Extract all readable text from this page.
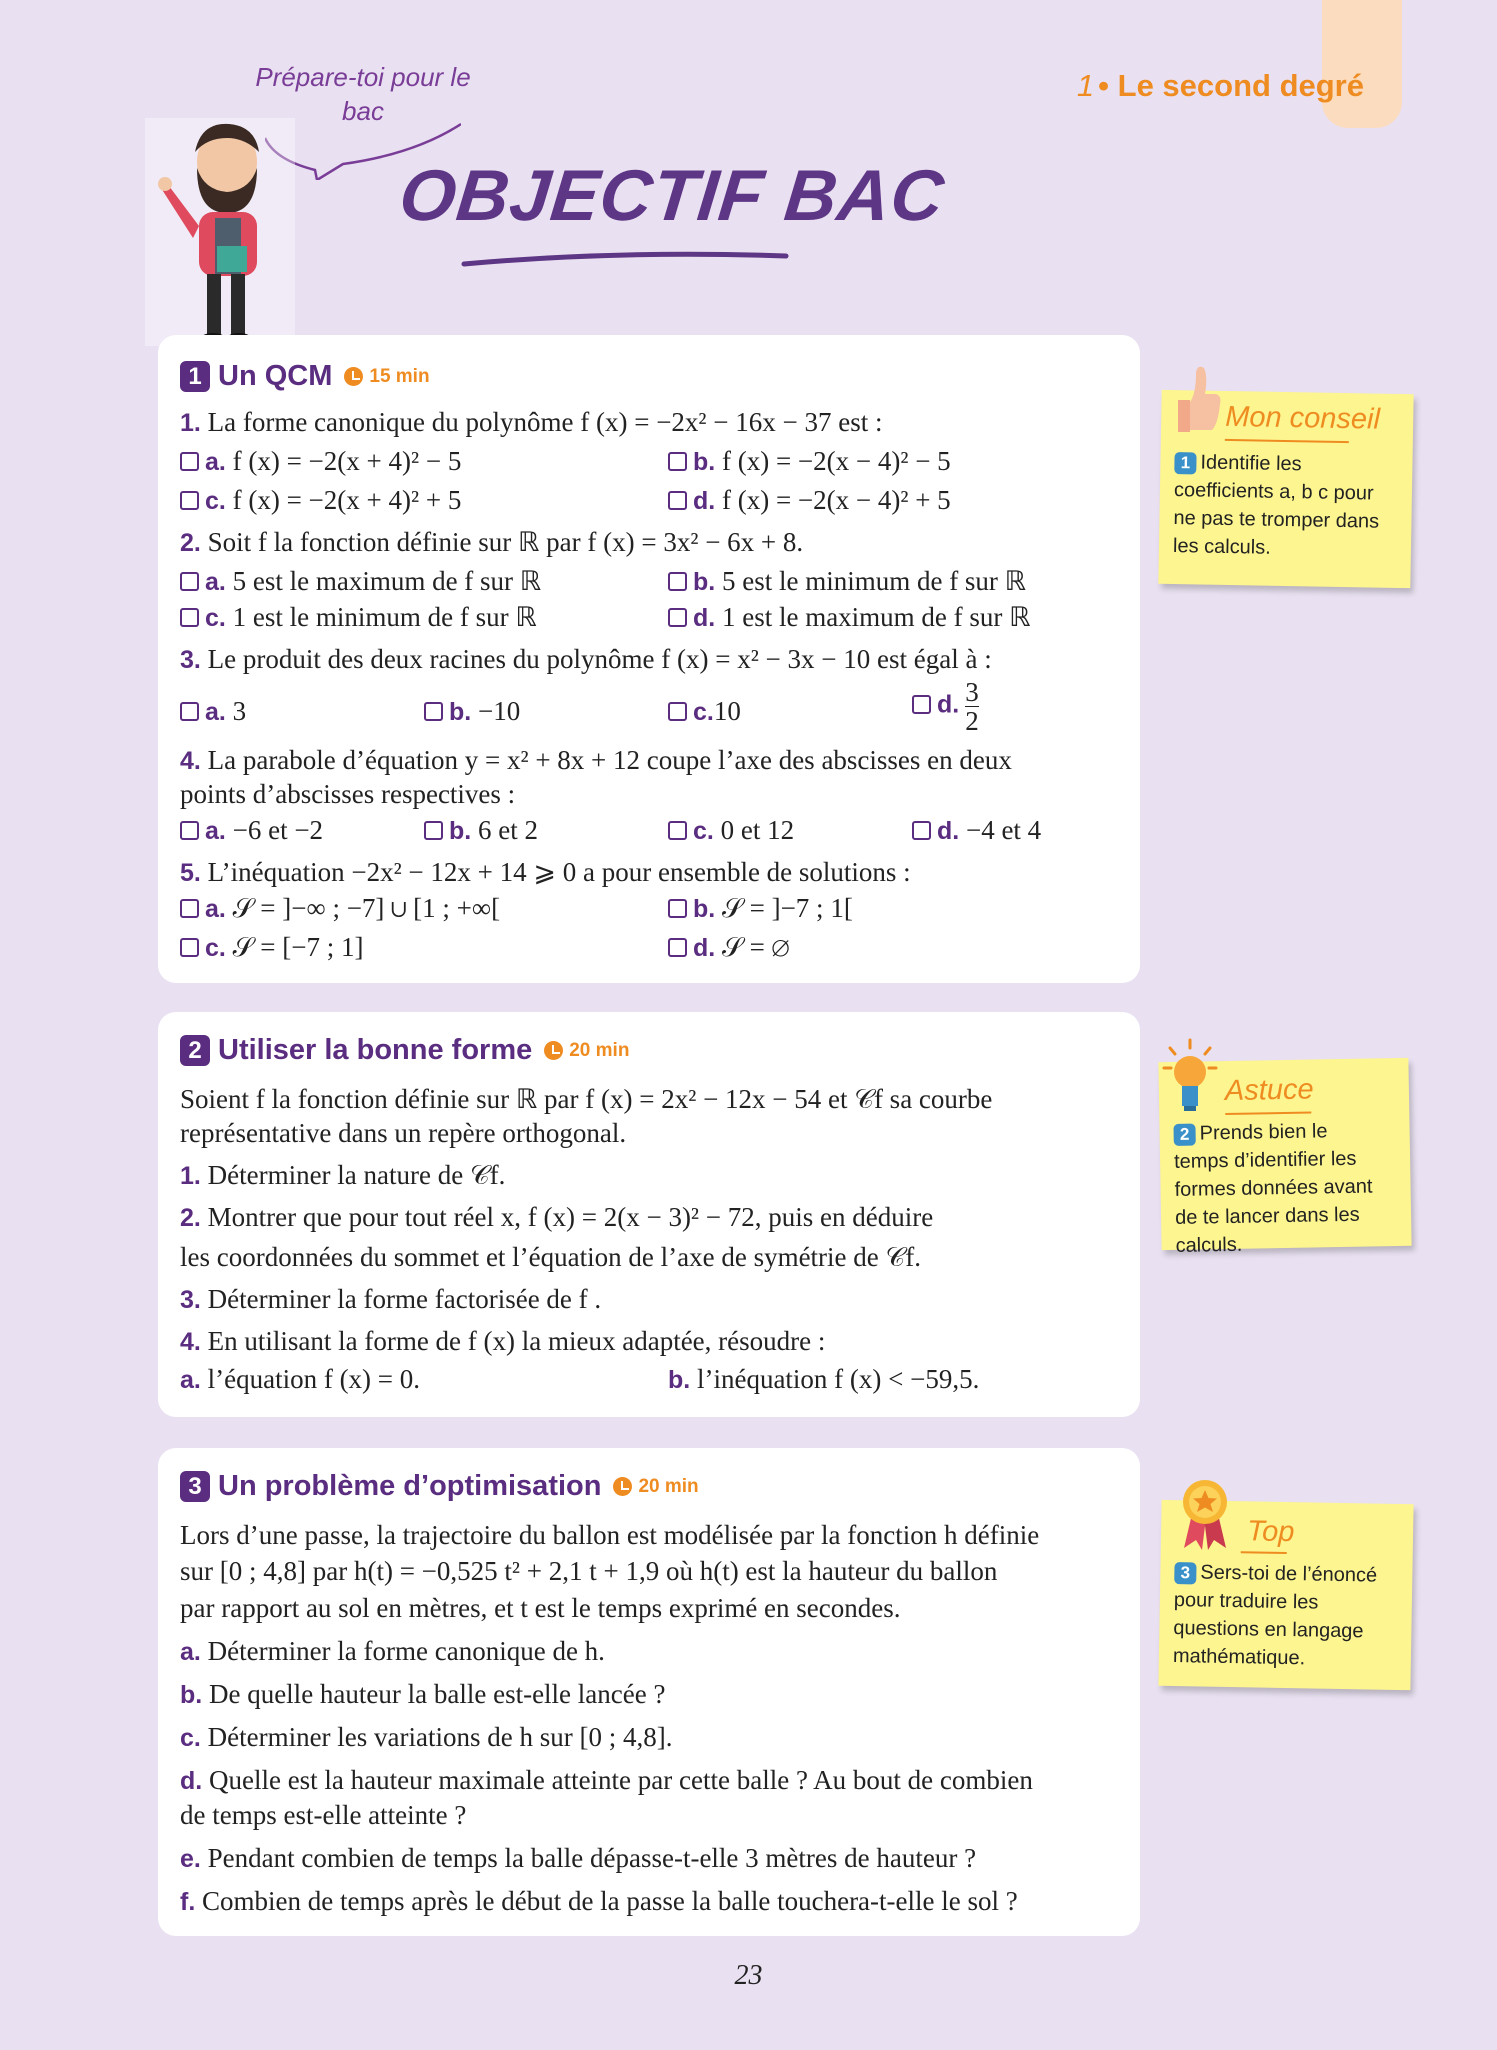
1 • Le second degré
Prépare-toi pour le bac
OBJECTIF BAC
1 Un QCM 15 min
1. La forme canonique du polynôme f (x) = −2x² − 16x − 37 est :
a. f (x) = −2(x + 4)² − 5	b. f (x) = −2(x − 4)² − 5
c. f (x) = −2(x + 4)² + 5	d. f (x) = −2(x − 4)² + 5
2. Soit f la fonction définie sur ℝ par f (x) = 3x² − 6x + 8.
a. 5 est le maximum de f sur ℝ	b. 5 est le minimum de f sur ℝ
c. 1 est le minimum de f sur ℝ	d. 1 est le maximum de f sur ℝ
3. Le produit des deux racines du polynôme f (x) = x² − 3x − 10 est égal à :
a. 3	b. −10	c.10	d. $\frac{3}{2}$
4. La parabole d’équation y = x² + 8x + 12 coupe l’axe des abscisses en deux
points d’abscisses respectives :
a. −6 et −2	b. 6 et 2	c. 0 et 12	d. −4 et 4
5. L’inéquation −2x² − 12x + 14 ⩾ 0 a pour ensemble de solutions :
a. 𝒮 = ]−∞ ; −7] ∪ [1 ; +∞[	b. 𝒮 = ]−7 ; 1[
c. 𝒮 = [−7 ; 1]	d. 𝒮 = ∅
2 Utiliser la bonne forme 20 min
Soient f la fonction définie sur ℝ par f (x) = 2x² − 12x − 54 et 𝒞f sa courbe
représentative dans un repère orthogonal.
1. Déterminer la nature de 𝒞f.
2. Montrer que pour tout réel x, f (x) = 2(x − 3)² − 72, puis en déduire
les coordonnées du sommet et l’équation de l’axe de symétrie de 𝒞f.
3. Déterminer la forme factorisée de f .
4. En utilisant la forme de f (x) la mieux adaptée, résoudre :
a. l’équation f (x) = 0.	b. l’inéquation f (x) < −59,5.
3 Un problème d’optimisation 20 min
Lors d’une passe, la trajectoire du ballon est modélisée par la fonction h définie
sur [0 ; 4,8] par h(t) = −0,525 t² + 2,1 t + 1,9 où h(t) est la hauteur du ballon
par rapport au sol en mètres, et t est le temps exprimé en secondes.
a. Déterminer la forme canonique de h.
b. De quelle hauteur la balle est-elle lancée ?
c. Déterminer les variations de h sur [0 ; 4,8].
d. Quelle est la hauteur maximale atteinte par cette balle ? Au bout de combien
de temps est-elle atteinte ?
e. Pendant combien de temps la balle dépasse-t-elle 3 mètres de hauteur ?
f. Combien de temps après le début de la passe la balle touchera-t-elle le sol ?
Mon conseil
1 Identifie les coefficients a, b c pour ne pas te tromper dans les calculs.
Astuce
2 Prends bien le temps d’identifier les formes données avant de te lancer dans les calculs.
Top
3 Sers-toi de l’énoncé pour traduire les questions en langage mathématique.
23
